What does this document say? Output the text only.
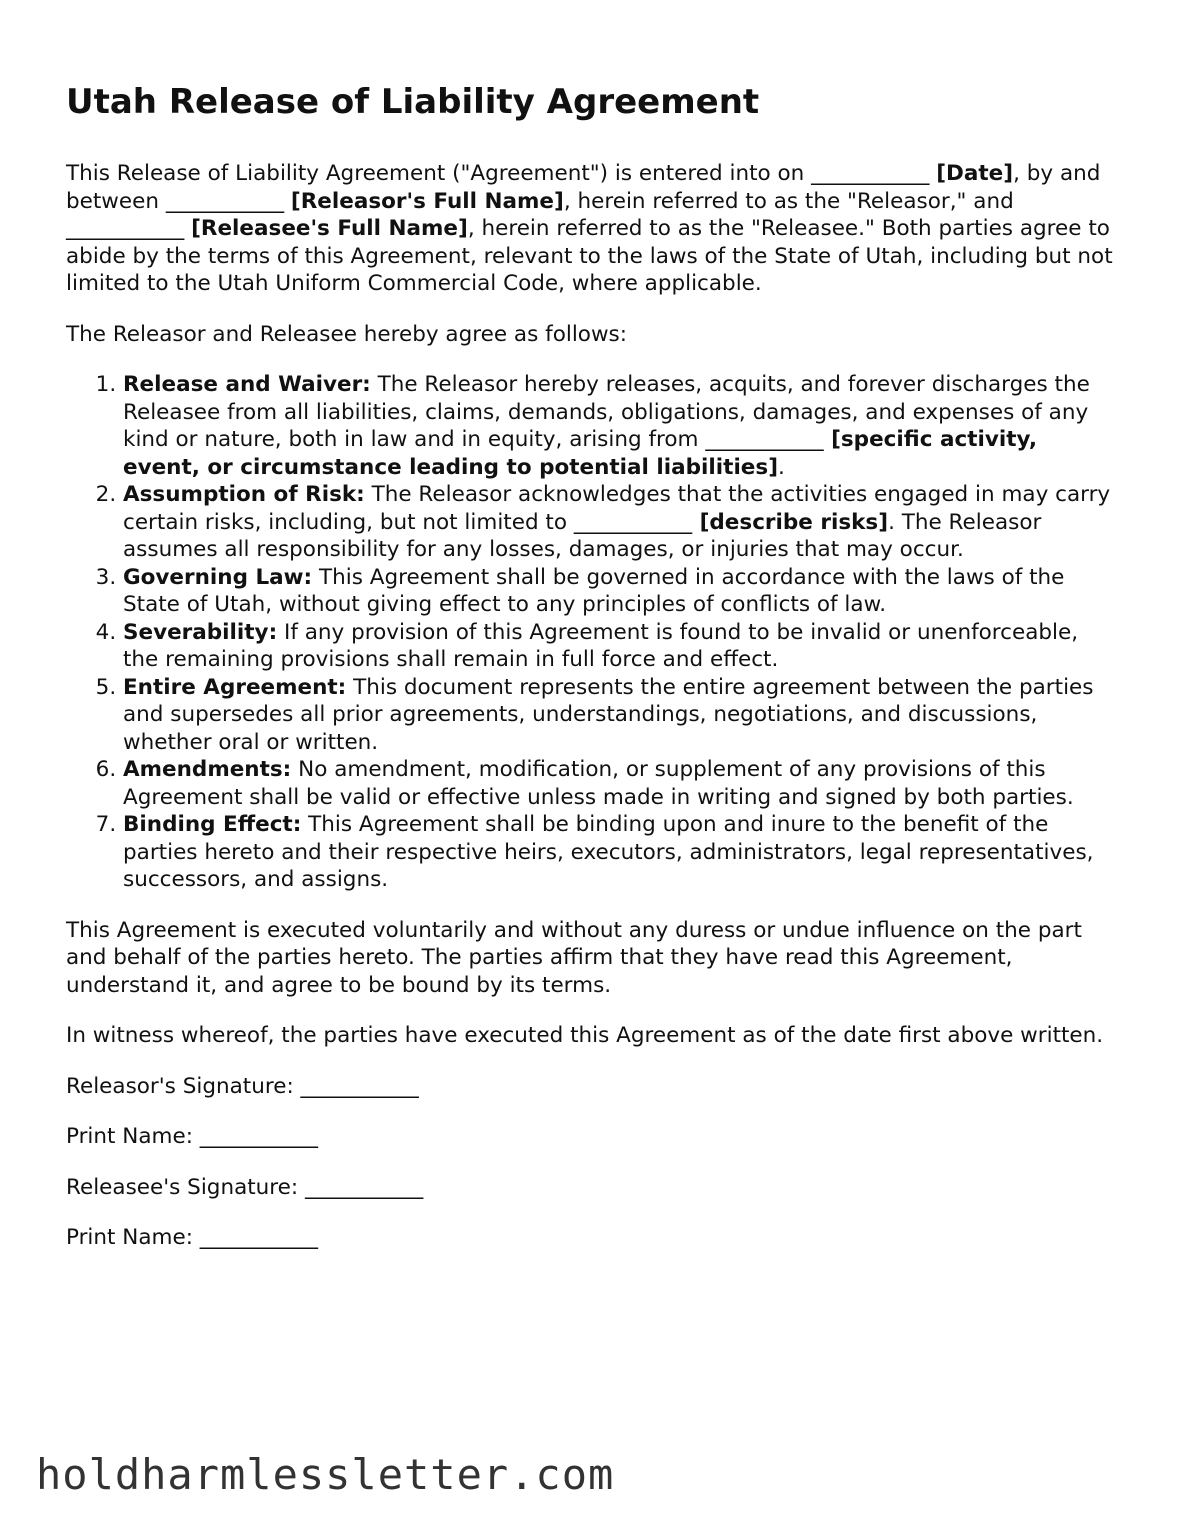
Utah Release of Liability Agreement

This Release of Liability Agreement ("Agreement") is entered into on ___________ [Date], by and between ___________ [Releasor's Full Name], herein referred to as the "Releasor," and ___________ [Releasee's Full Name], herein referred to as the "Releasee." Both parties agree to abide by the terms of this Agreement, relevant to the laws of the State of Utah, including but not limited to the Utah Uniform Commercial Code, where applicable.

The Releasor and Releasee hereby agree as follows:

1. Release and Waiver: The Releasor hereby releases, acquits, and forever discharges the Releasee from all liabilities, claims, demands, obligations, damages, and expenses of any kind or nature, both in law and in equity, arising from ___________ [specific activity, event, or circumstance leading to potential liabilities].
2. Assumption of Risk: The Releasor acknowledges that the activities engaged in may carry certain risks, including, but not limited to ___________ [describe risks]. The Releasor assumes all responsibility for any losses, damages, or injuries that may occur.
3. Governing Law: This Agreement shall be governed in accordance with the laws of the State of Utah, without giving effect to any principles of conflicts of law.
4. Severability: If any provision of this Agreement is found to be invalid or unenforceable, the remaining provisions shall remain in full force and effect.
5. Entire Agreement: This document represents the entire agreement between the parties and supersedes all prior agreements, understandings, negotiations, and discussions, whether oral or written.
6. Amendments: No amendment, modification, or supplement of any provisions of this Agreement shall be valid or effective unless made in writing and signed by both parties.
7. Binding Effect: This Agreement shall be binding upon and inure to the benefit of the parties hereto and their respective heirs, executors, administrators, legal representatives, successors, and assigns.

This Agreement is executed voluntarily and without any duress or undue influence on the part and behalf of the parties hereto. The parties affirm that they have read this Agreement, understand it, and agree to be bound by its terms.

In witness whereof, the parties have executed this Agreement as of the date first above written.

Releasor's Signature: ___________
Print Name: ___________
Releasee's Signature: ___________
Print Name: ___________
holdharmlessletter.com
